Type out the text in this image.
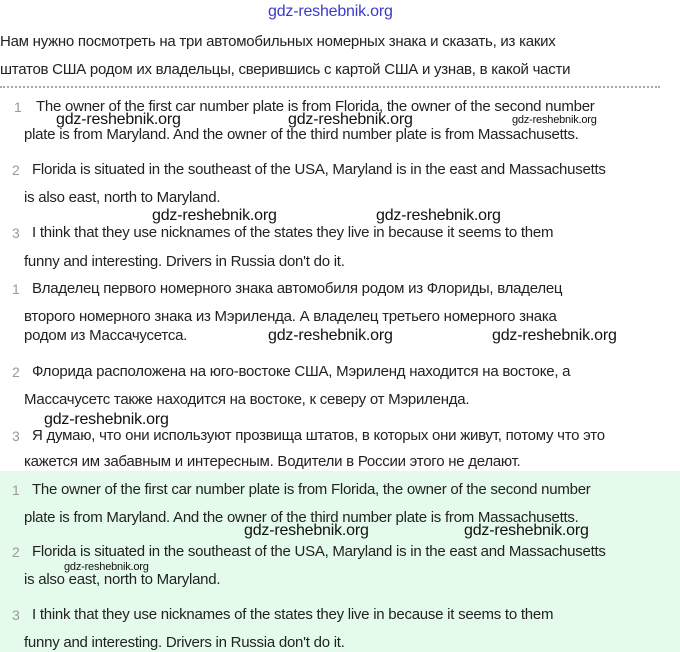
gdz-reshebnik.org
Нам нужно посмотреть на три автомобильных номерных знака и сказать, из каких
штатов США родом их владельцы, сверившись с картой США и узнав, в какой части
1 The owner of the first car number plate is from Florida, the owner of the second number
gdz-reshebnik.org	gdz-reshebnik.org	gdz-reshebnik.org
plate is from Maryland. And the owner of the third number plate is from Massachusetts.
2 Florida is situated in the southeast of the USA, Maryland is in the east and Massachusetts
is also east, north to Maryland.
gdz-reshebnik.org	gdz-reshebnik.org
3 I think that they use nicknames of the states they live in because it seems to them
funny and interesting. Drivers in Russia don't do it.
1 Владелец первого номерного знака автомобиля родом из Флориды, владелец
второго номерного знака из Мэриленда. А владелец третьего номерного знака
родом из Массачусетса.	gdz-reshebnik.org	gdz-reshebnik.org
2 Флорида расположена на юго-востоке США, Мэриленд находится на востоке, а
Массачусетс также находится на востоке, к северу от Мэриленда.
gdz-reshebnik.org
3 Я думаю, что они используют прозвища штатов, в которых они живут, потому что это
кажется им забавным и интересным. Водители в России этого не делают.
1 The owner of the first car number plate is from Florida, the owner of the second number
plate is from Maryland. And the owner of the third number plate is from Massachusetts.
gdz-reshebnik.org	gdz-reshebnik.org
2 Florida is situated in the southeast of the USA, Maryland is in the east and Massachusetts
gdz-reshebnik.org
is also east, north to Maryland.
3 I think that they use nicknames of the states they live in because it seems to them
funny and interesting. Drivers in Russia don't do it.
